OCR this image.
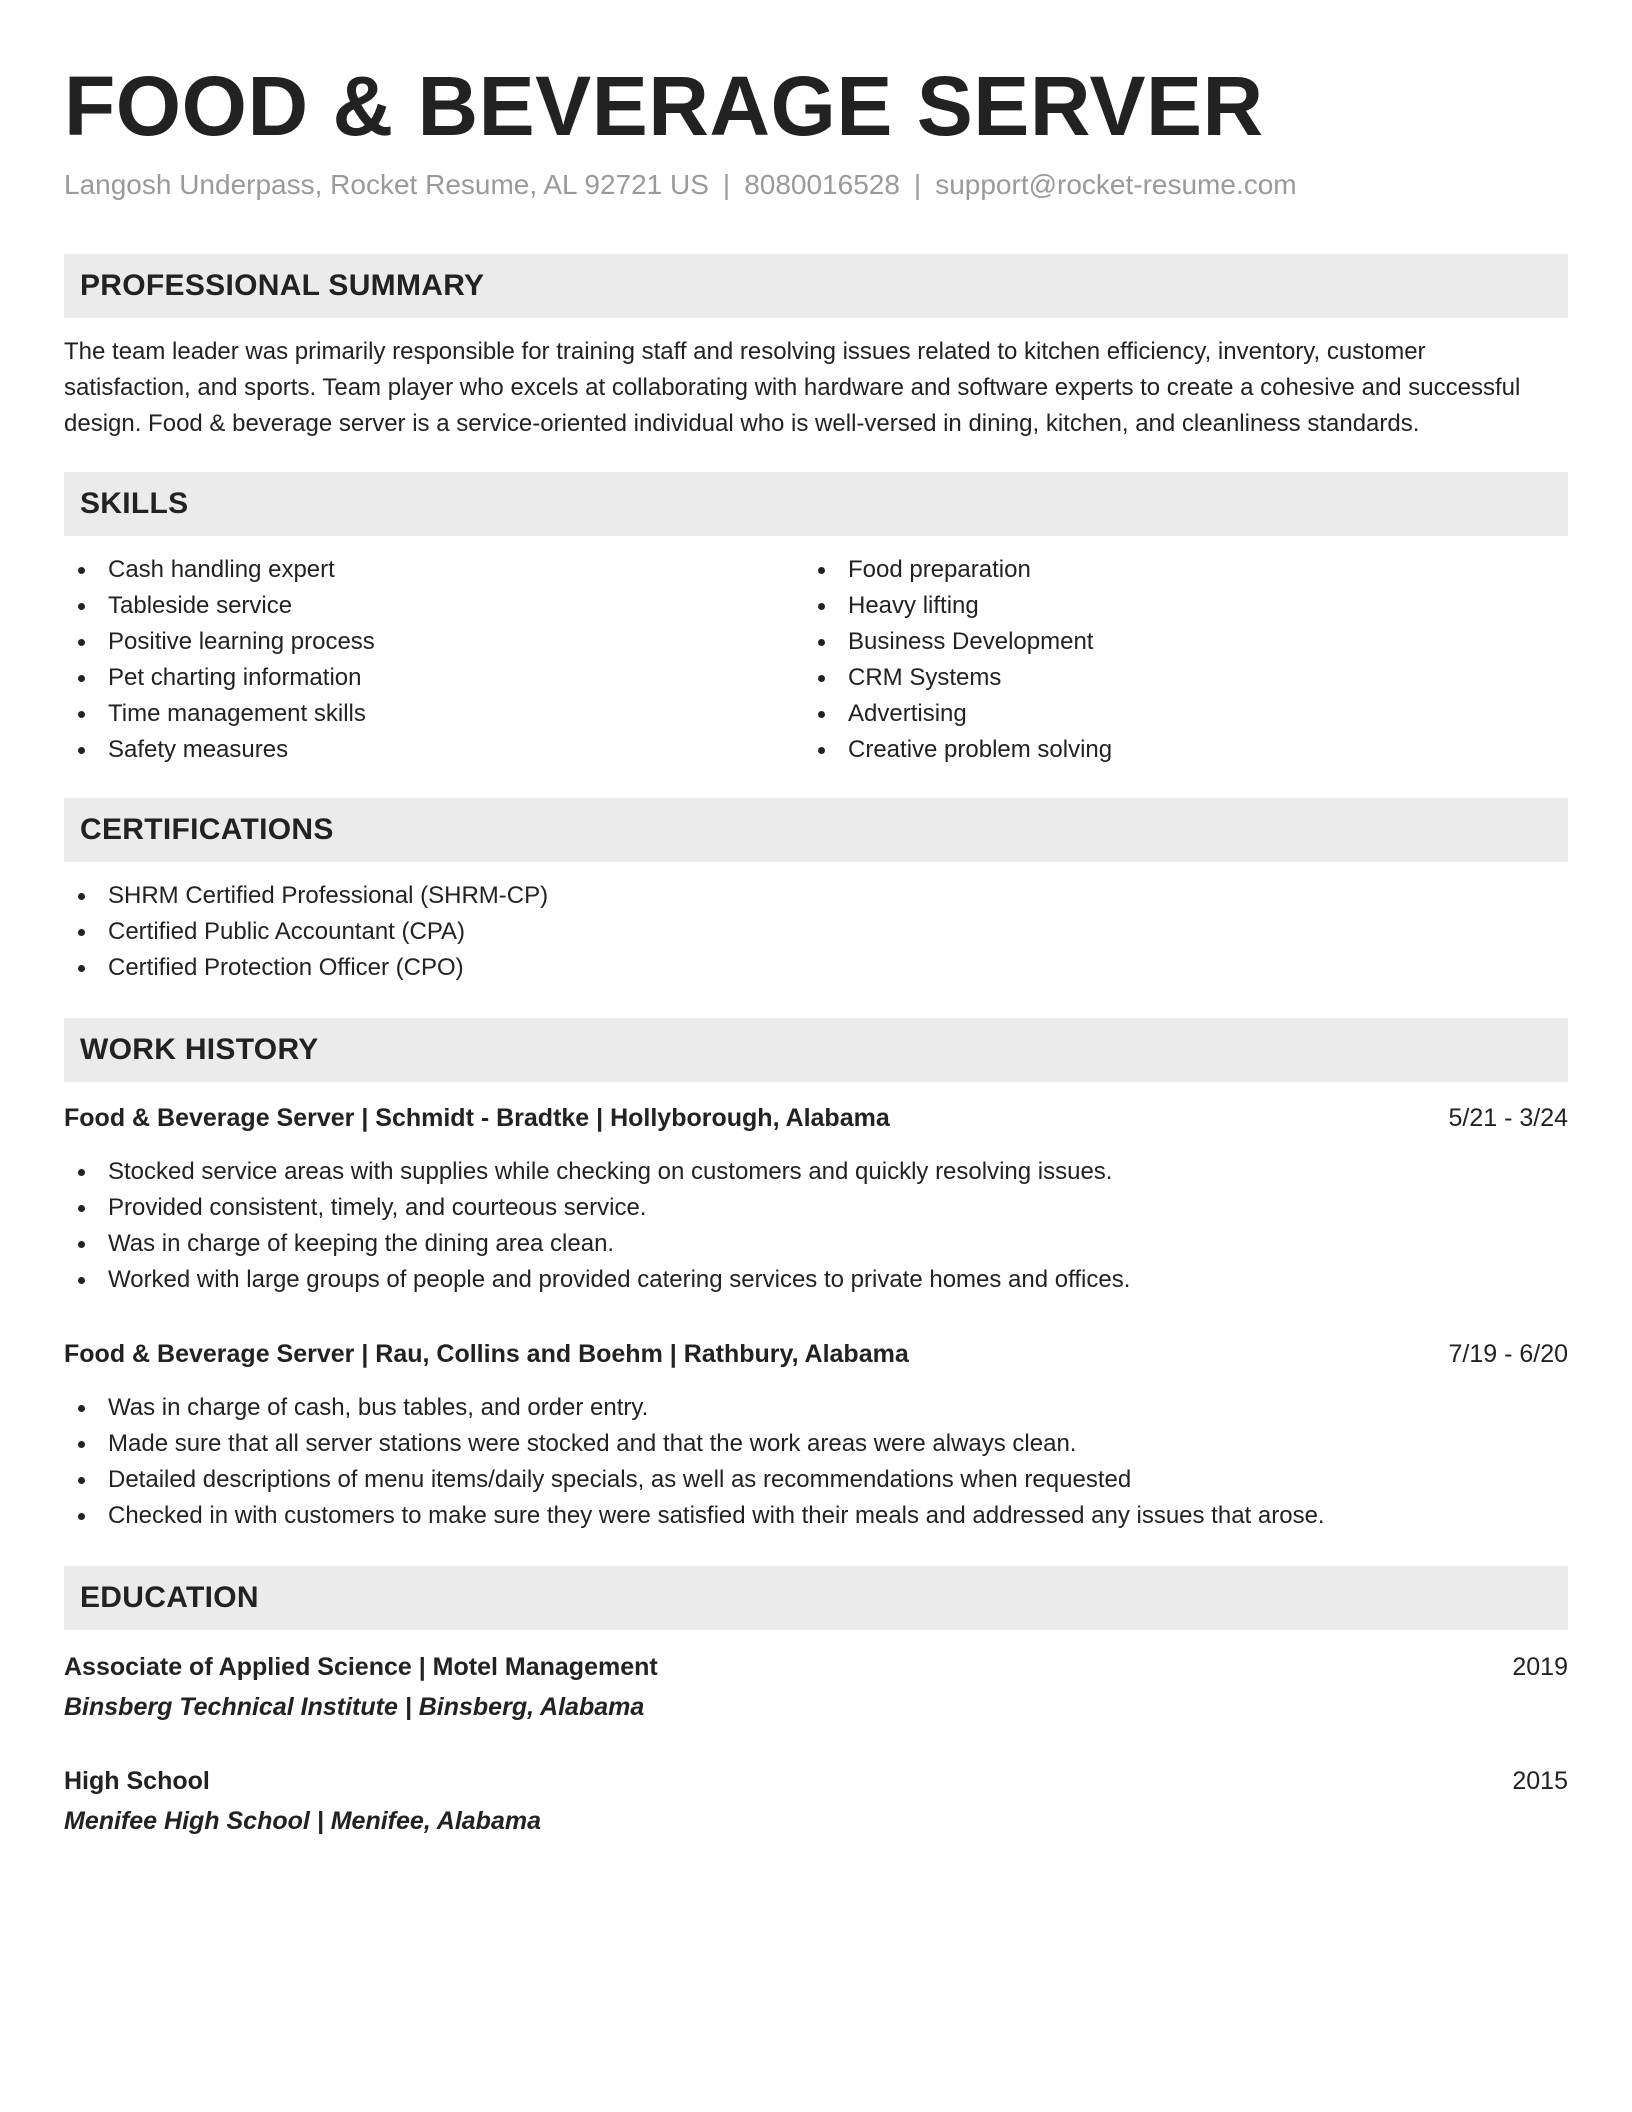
FOOD & BEVERAGE SERVER
Langosh Underpass, Rocket Resume, AL 92721 US | 8080016528 | support@rocket-resume.com
PROFESSIONAL SUMMARY
The team leader was primarily responsible for training staff and resolving issues related to kitchen efficiency, inventory, customer satisfaction, and sports. Team player who excels at collaborating with hardware and software experts to create a cohesive and successful design. Food & beverage server is a service-oriented individual who is well-versed in dining, kitchen, and cleanliness standards.
SKILLS
Cash handling expert
Tableside service
Positive learning process
Pet charting information
Time management skills
Safety measures
Food preparation
Heavy lifting
Business Development
CRM Systems
Advertising
Creative problem solving
CERTIFICATIONS
SHRM Certified Professional (SHRM-CP)
Certified Public Accountant (CPA)
Certified Protection Officer (CPO)
WORK HISTORY
Food & Beverage Server | Schmidt - Bradtke | Hollyborough, Alabama	5/21 - 3/24
Stocked service areas with supplies while checking on customers and quickly resolving issues.
Provided consistent, timely, and courteous service.
Was in charge of keeping the dining area clean.
Worked with large groups of people and provided catering services to private homes and offices.
Food & Beverage Server | Rau, Collins and Boehm | Rathbury, Alabama	7/19 - 6/20
Was in charge of cash, bus tables, and order entry.
Made sure that all server stations were stocked and that the work areas were always clean.
Detailed descriptions of menu items/daily specials, as well as recommendations when requested
Checked in with customers to make sure they were satisfied with their meals and addressed any issues that arose.
EDUCATION
Associate of Applied Science | Motel Management	2019
Binsberg Technical Institute | Binsberg, Alabama
High School	2015
Menifee High School | Menifee, Alabama
